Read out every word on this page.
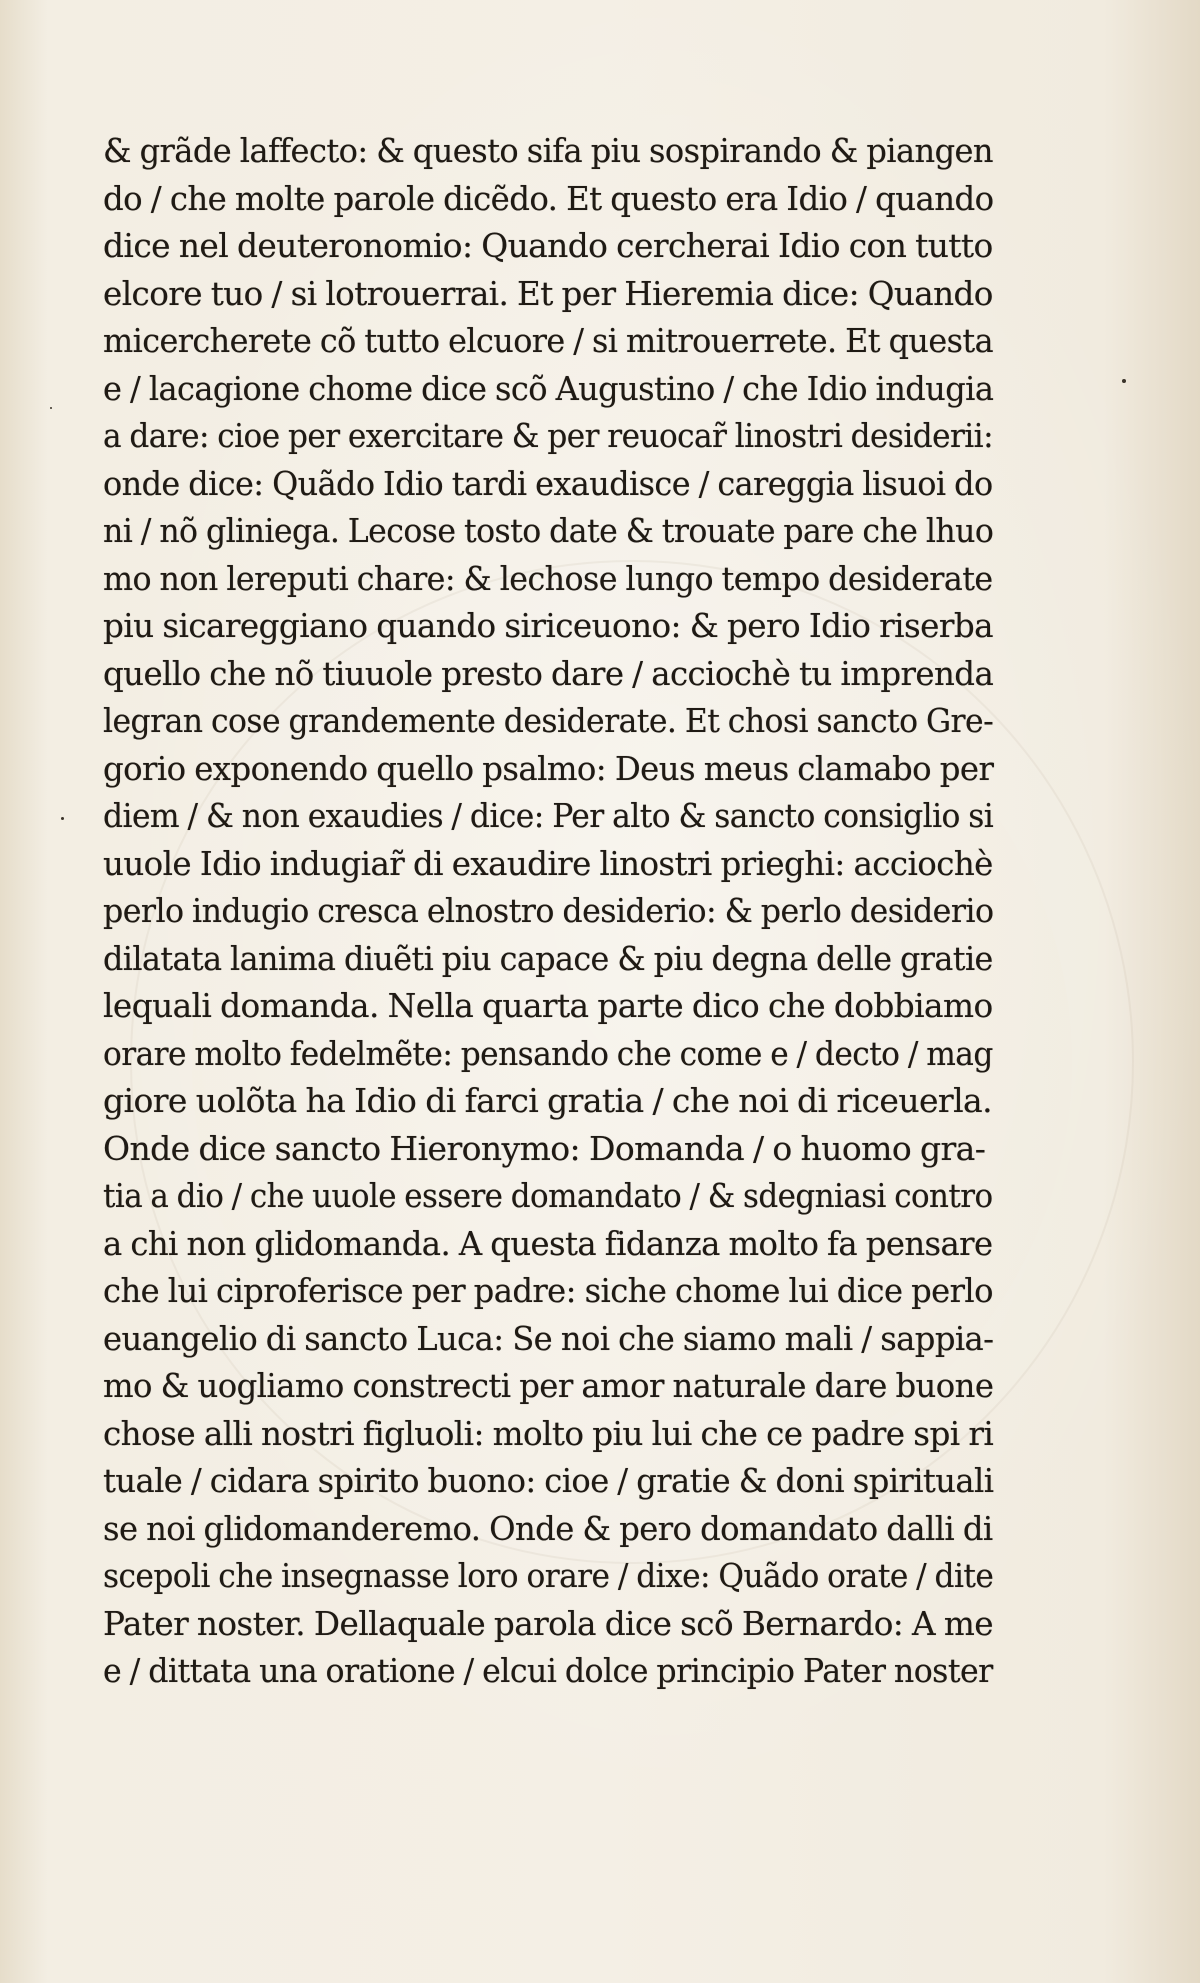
& grãde laffecto: & questo sifa piu sospirando & piangen
do / che molte parole dicẽdo. Et questo era Idio / quando
dice nel deuteronomio: Quando cercherai Idio con tutto
elcore tuo / si lotrouerrai. Et per Hieremia dice: Quando
micercherete cõ tutto elcuore / si mitrouerrete. Et questa
e / lacagione chome dice scõ Augustino / che Idio indugia
a dare: cioe per exercitare & per reuocar̃ linostri desiderii:
onde dice: Quãdo Idio tardi exaudisce / careggia lisuoi do
ni / nõ gliniega. Lecose tosto date & trouate pare che lhuo
mo non lereputi chare: & lechose lungo tempo desiderate
piu sicareggiano quando siriceuono: & pero Idio riserba
quello che nõ tiuuole presto dare / acciochè tu imprenda
legran cose grandemente desiderate. Et chosi sancto Gre-
gorio exponendo quello psalmo: Deus meus clamabo per
diem / & non exaudies / dice: Per alto & sancto consiglio si
uuole Idio indugiar̃ di exaudire linostri prieghi: acciochè
perlo indugio cresca elnostro desiderio: & perlo desiderio
dilatata lanima diuẽti piu capace & piu degna delle gratie
lequali domanda. Nella quarta parte dico che dobbiamo
orare molto fedelmẽte: pensando che come e / decto / mag
giore uolõta ha Idio di farci gratia / che noi di riceuerla.
Onde dice sancto Hieronymo: Domanda / o huomo gra-
tia a dio / che uuole essere domandato / & sdegniasi contro
a chi non glidomanda. A questa fidanza molto fa pensare
che lui ciproferisce per padre: siche chome lui dice perlo
euangelio di sancto Luca: Se noi che siamo mali / sappia-
mo & uogliamo constrecti per amor naturale dare buone
chose alli nostri figluoli: molto piu lui che ce padre spi ri
tuale / cidara spirito buono: cioe / gratie & doni spirituali
se noi glidomanderemo. Onde & pero domandato dalli di
scepoli che insegnasse loro orare / dixe: Quãdo orate / dite
Pater noster. Dellaquale parola dice scõ Bernardo: A me
e / dittata una oratione / elcui dolce principio Pater noster
